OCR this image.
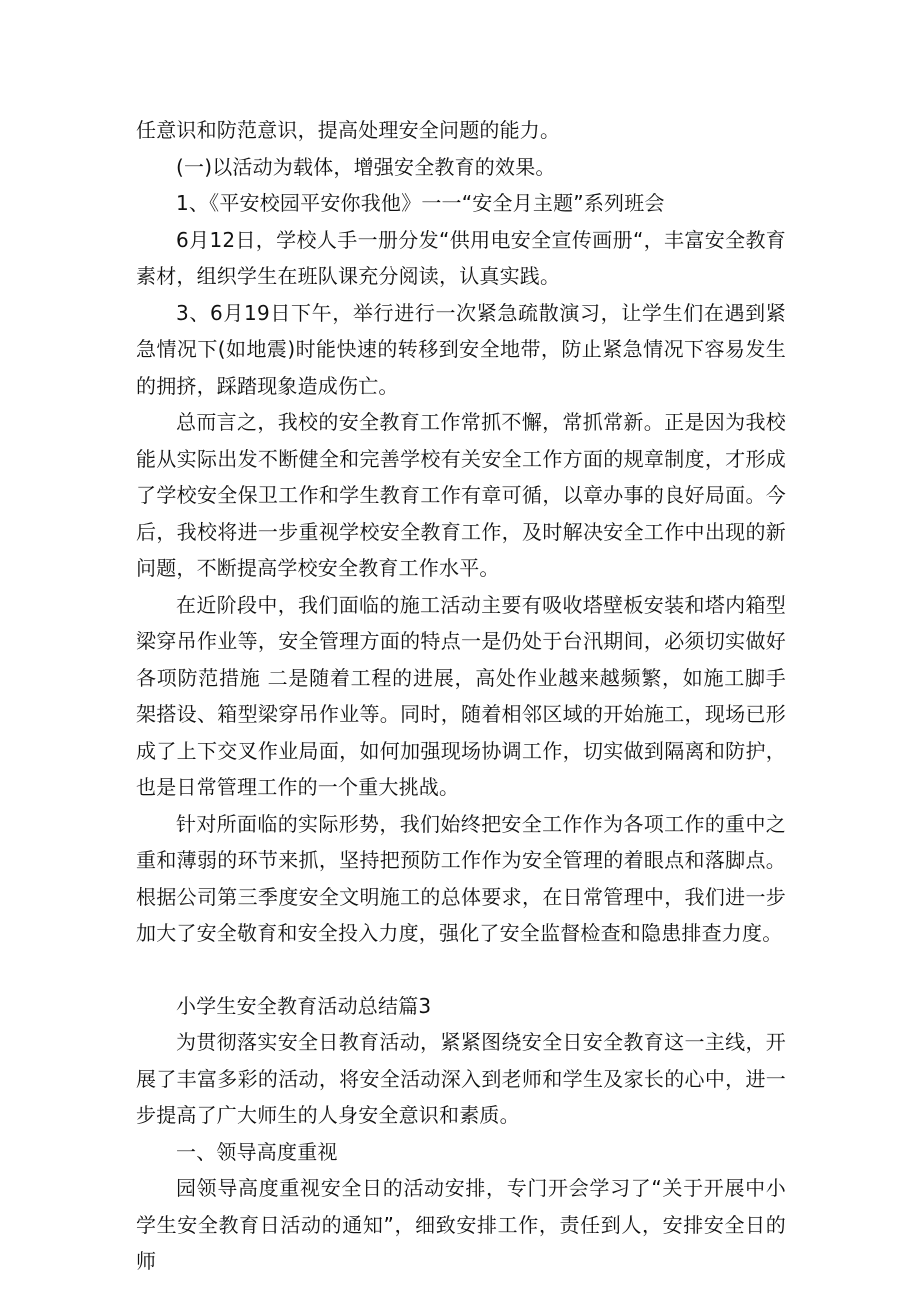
任意识和防范意识，提高处理安全问题的能力。

(一)以活动为载体，增强安全教育的效果。

1、《平安校园平安你我他》一一“安全月主题”系列班会

6月12日，学校人手一册分发“供用电安全宣传画册“，丰富安全教育素材，组织学生在班队课充分阅读，认真实践。

3、6月19日下午，举行进行一次紧急疏散演习，让学生们在遇到紧急情况下(如地震)时能快速的转移到安全地带，防止紧急情况下容易发生的拥挤，踩踏现象造成伤亡。

总而言之，我校的安全教育工作常抓不懈，常抓常新。正是因为我校能从实际出发不断健全和完善学校有关安全工作方面的规章制度，才形成了学校安全保卫工作和学生教育工作有章可循，以章办事的良好局面。今后，我校将进一步重视学校安全教育工作，及时解决安全工作中出现的新问题，不断提高学校安全教育工作水平。

在近阶段中，我们面临的施工活动主要有吸收塔壁板安装和塔内箱型梁穿吊作业等，安全管理方面的特点一是仍处于台汛期间，必须切实做好各项防范措施 二是随着工程的进展，高处作业越来越频繁，如施工脚手架搭设、箱型梁穿吊作业等。同时，随着相邻区域的开始施工，现场已形成了上下交叉作业局面，如何加强现场协调工作，切实做到隔离和防护，也是日常管理工作的一个重大挑战。

针对所面临的实际形势，我们始终把安全工作作为各项工作的重中之重和薄弱的环节来抓，坚持把预防工作作为安全管理的着眼点和落脚点。根据公司第三季度安全文明施工的总体要求，在日常管理中，我们进一步加大了安全敬育和安全投入力度，强化了安全监督检查和隐患排查力度。

小学生安全教育活动总结篇3

为贯彻落实安全日教育活动，紧紧图绕安全日安全教育这一主线，开展了丰富多彩的活动，将安全活动深入到老师和学生及家长的心中，进一步提高了广大师生的人身安全意识和素质。

一、领导高度重视

园领导高度重视安全日的活动安排，专门开会学习了“关于开展中小学生安全教育日活动的通知”，细致安排工作，责任到人，安排安全日的师
